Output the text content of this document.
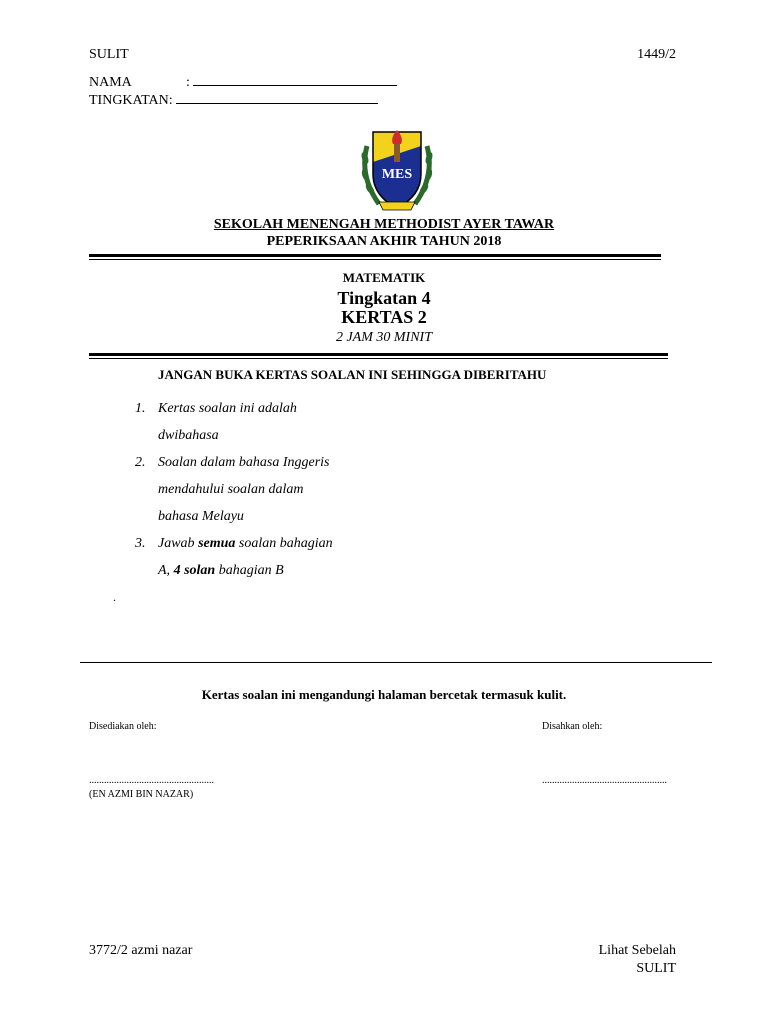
SULIT	1449/2
NAMA	:
TINGKATAN:
MES
SEKOLAH MENENGAH METHODIST AYER TAWAR
PEPERIKSAAN AKHIR TAHUN 2018
MATEMATIK
Tingkatan 4
KERTAS 2
2 JAM 30 MINIT
JANGAN BUKA KERTAS SOALAN INI SEHINGGA DIBERITAHU
1. Kertas soalan ini adalah
dwibahasa
2. Soalan dalam bahasa Inggeris
mendahului soalan dalam
bahasa Melayu
3. Jawab semua soalan bahagian
A, 4 solan bahagian B
.
Kertas soalan ini mengandungi halaman bercetak termasuk kulit.
Disediakan oleh:	Disahkan oleh:
..................................................	..................................................
(EN AZMI BIN NAZAR)
3772/2 azmi nazar	Lihat Sebelah
SULIT
